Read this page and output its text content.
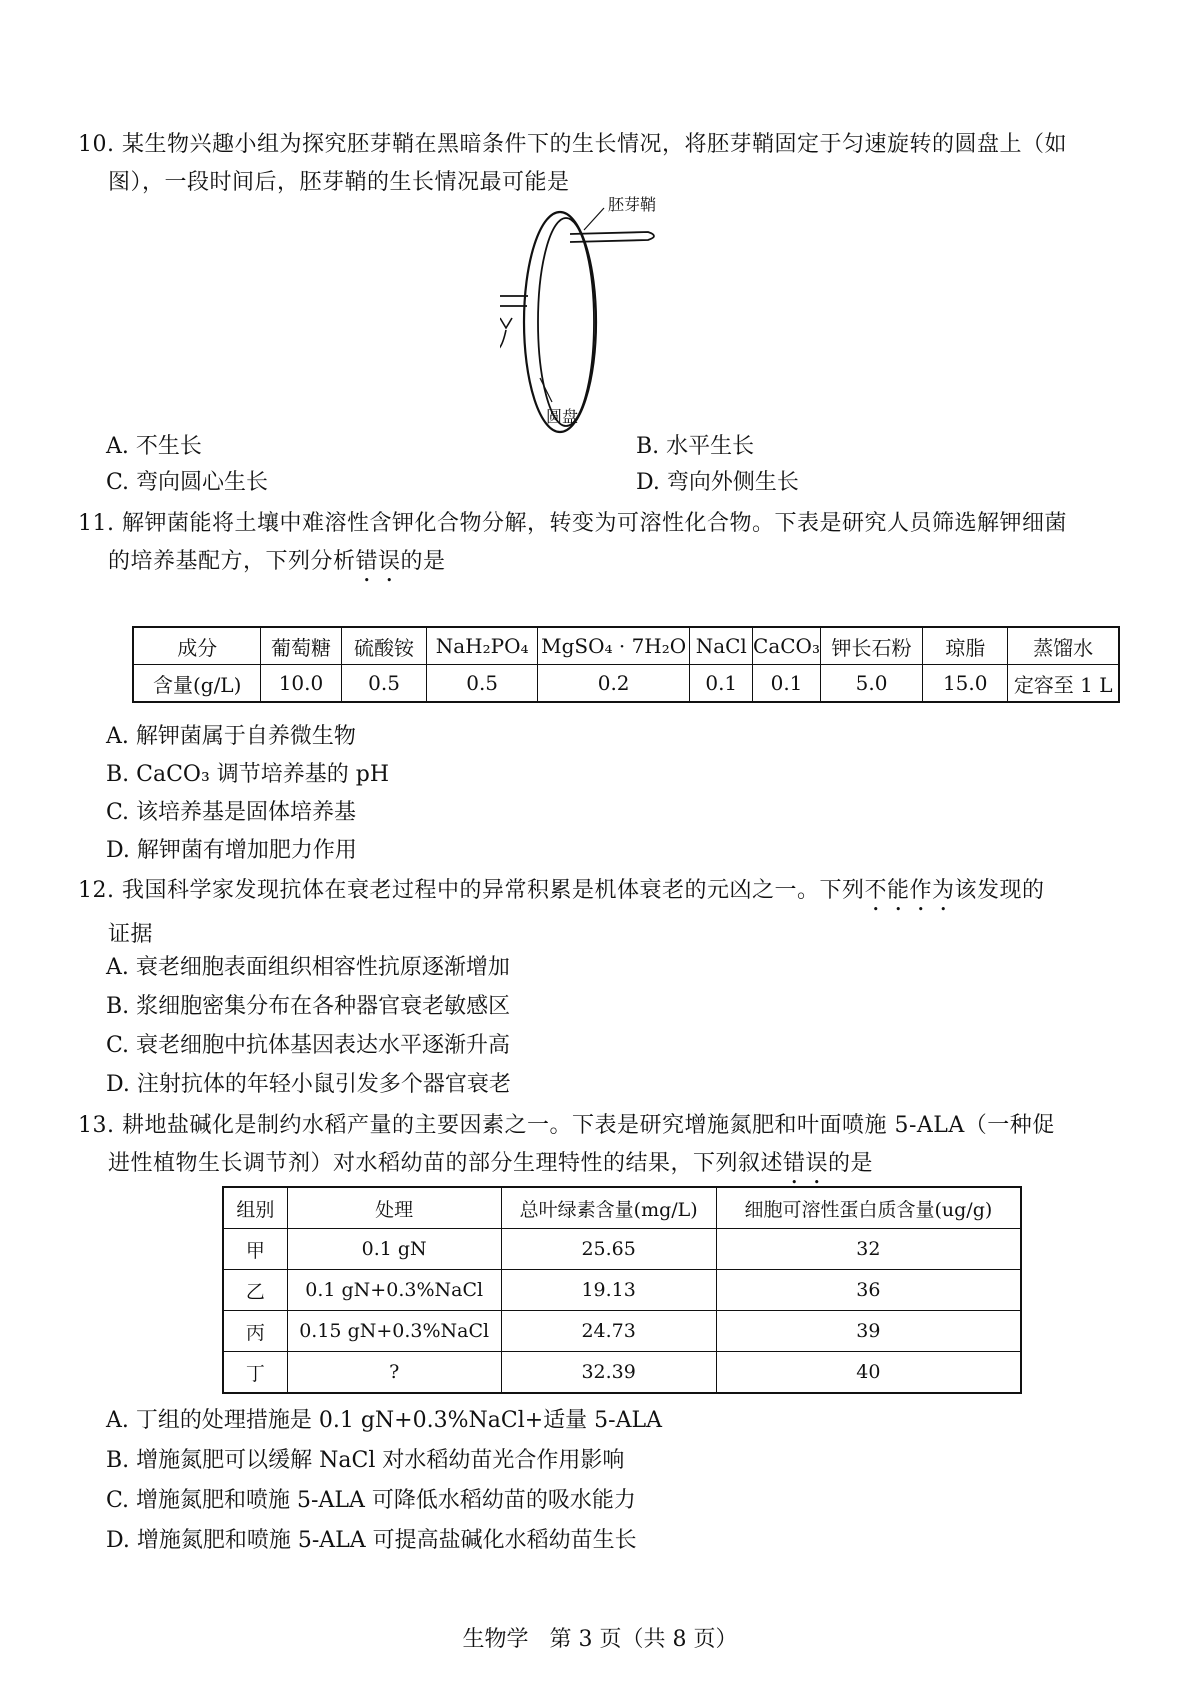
10. 某生物兴趣小组为探究胚芽鞘在黑暗条件下的生长情况，将胚芽鞘固定于匀速旋转的圆盘上（如
图），一段时间后，胚芽鞘的生长情况最可能是
胚芽鞘
圆盘
A. 不生长	B. 水平生长
C. 弯向圆心生长	D. 弯向外侧生长
11. 解钾菌能将土壤中难溶性含钾化合物分解，转变为可溶性化合物。下表是研究人员筛选解钾细菌
的培养基配方，下列分析错误的是
成分	葡萄糖	硫酸铵	NaH₂PO₄	MgSO₄ · 7H₂O	NaCl	CaCO₃	钾长石粉	琼脂	蒸馏水
含量(g/L)	10.0	0.5	0.5	0.2	0.1	0.1	5.0	15.0	定容至 1 L
A. 解钾菌属于自养微生物
B. CaCO₃ 调节培养基的 pH
C. 该培养基是固体培养基
D. 解钾菌有增加肥力作用
12. 我国科学家发现抗体在衰老过程中的异常积累是机体衰老的元凶之一。下列不能作为该发现的
证据
A. 衰老细胞表面组织相容性抗原逐渐增加
B. 浆细胞密集分布在各种器官衰老敏感区
C. 衰老细胞中抗体基因表达水平逐渐升高
D. 注射抗体的年轻小鼠引发多个器官衰老
13. 耕地盐碱化是制约水稻产量的主要因素之一。下表是研究增施氮肥和叶面喷施 5-ALA（一种促
进性植物生长调节剂）对水稻幼苗的部分生理特性的结果，下列叙述错误的是
组别	处理	总叶绿素含量(mg/L)	细胞可溶性蛋白质含量(ug/g)
甲	0.1 gN	25.65	32
乙	0.1 gN+0.3%NaCl	19.13	36
丙	0.15 gN+0.3%NaCl	24.73	39
丁	?	32.39	40
A. 丁组的处理措施是 0.1 gN+0.3%NaCl+适量 5-ALA
B. 增施氮肥可以缓解 NaCl 对水稻幼苗光合作用影响
C. 增施氮肥和喷施 5-ALA 可降低水稻幼苗的吸水能力
D. 增施氮肥和喷施 5-ALA 可提高盐碱化水稻幼苗生长
生物学   第 3 页（共 8 页）
